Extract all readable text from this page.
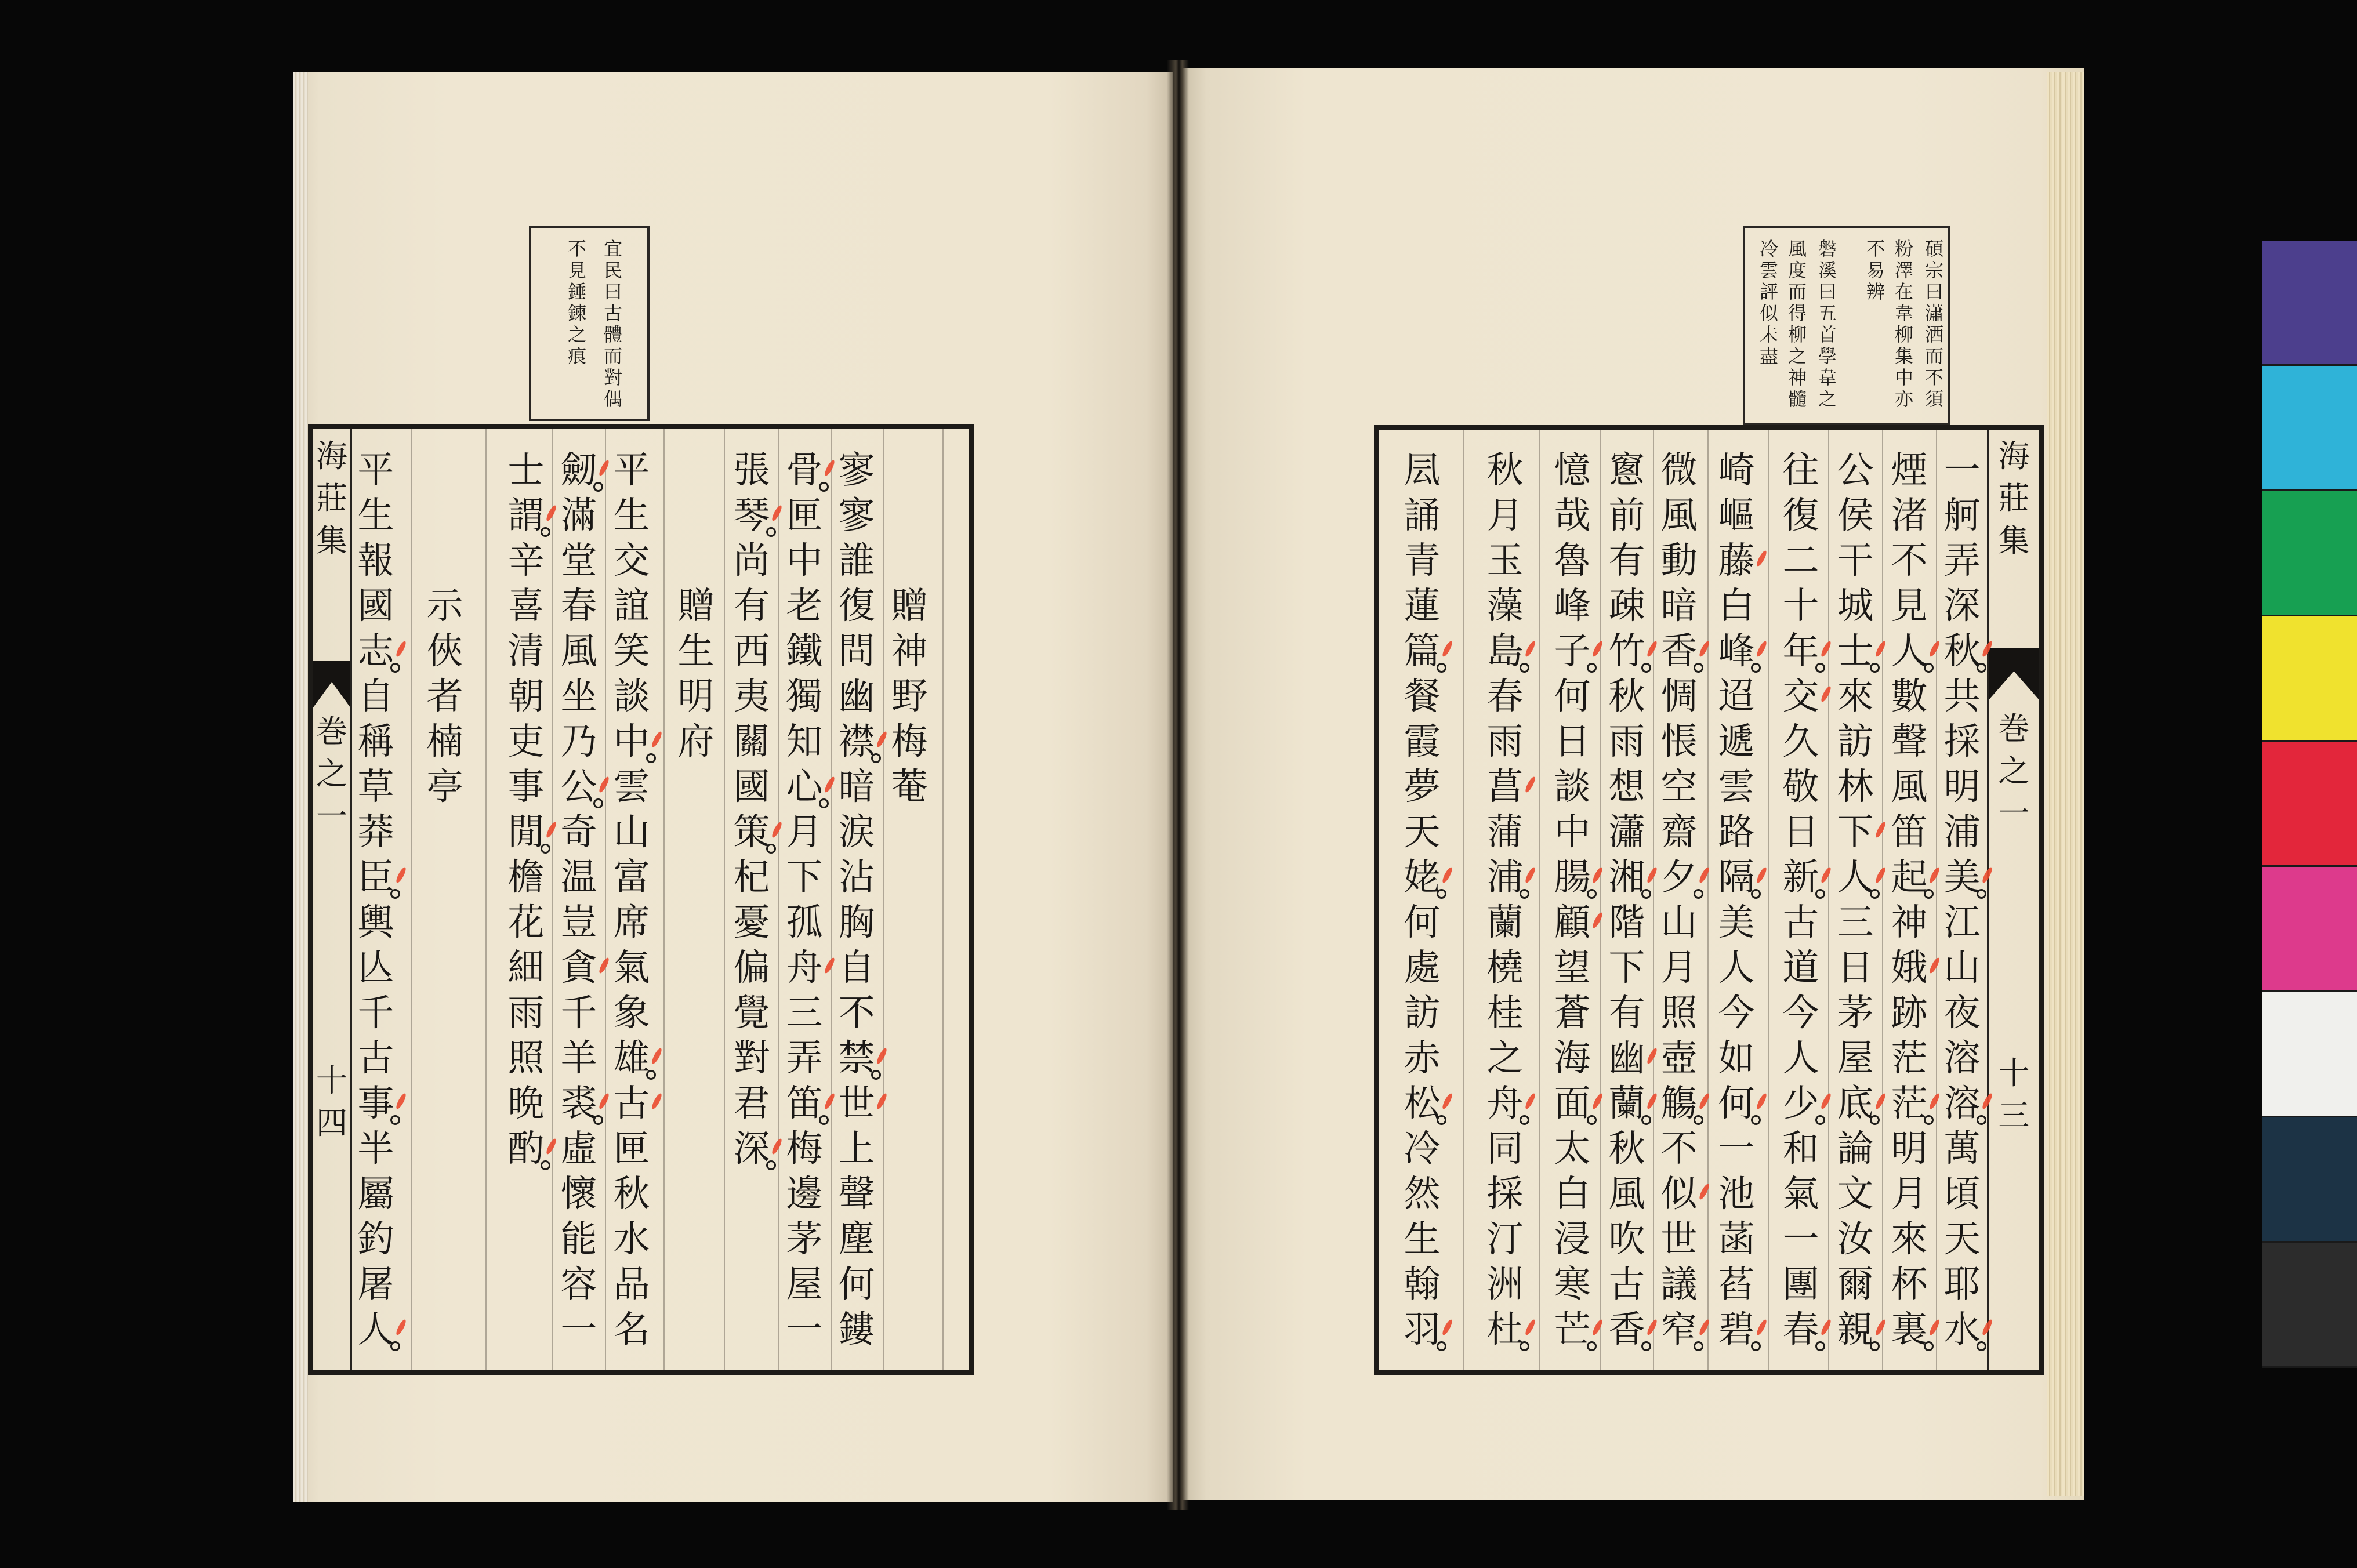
宜
民
曰
古
體
而
對
偶
不
見
錘
鍊
之
痕
海
莊
集
巻
之
一
十
四
贈
神
野
梅
菴
寥
寥
誰
復
問
幽
襟
暗
涙
沾
胸
自
不
禁
世
上
聲
塵
何
鏤
骨
匣
中
老
鐵
獨
知
心
月
下
孤
舟
三
弄
笛
梅
邊
茅
屋
一
張
琴
尚
有
西
夷
關
國
策
杞
憂
偏
覺
對
君
深
贈
生
明
府
平
生
交
誼
笑
談
中
雲
山
富
席
氣
象
雄
古
匣
秋
水
品
名
劒
滿
堂
春
風
坐
乃
公
奇
温
豈
貪
千
羊
裘
虛
懷
能
容
一
士
謂
辛
喜
清
朝
吏
事
閒
檐
花
細
雨
照
晩
酌
示
俠
者
楠
亭
平
生
報
國
志
自
稱
草
莽
臣
輿
亾
千
古
事
半
屬
釣
屠
人
碩
宗
曰
瀟
洒
而
不
須
粉
澤
在
韋
柳
集
中
亦
不
易
辨
磐
溪
曰
五
首
學
韋
之
風
度
而
得
柳
之
神
髓
冷
雲
評
似
未
盡
海
莊
集
巻
之
一
十
三
一
舸
弄
深
秋
共
採
明
浦
美
江
山
夜
溶
溶
萬
頃
天
耶
水
煙
渚
不
見
人
數
聲
風
笛
起
神
娥
跡
茫
茫
明
月
來
杯
裏
公
侯
干
城
士
來
訪
林
下
人
三
日
茅
屋
底
論
文
汝
爾
親
往
復
二
十
年
交
久
敬
日
新
古
道
今
人
少
和
氣
一
團
春
崎
嶇
藤
白
峰
迢
遞
雲
路
隔
美
人
今
如
何
一
池
菡
萏
碧
微
風
動
暗
香
惆
悵
空
齋
夕
山
月
照
壺
觴
不
似
世
議
窄
窻
前
有
疎
竹
秋
雨
想
瀟
湘
階
下
有
幽
蘭
秋
風
吹
古
香
憶
哉
魯
峰
子
何
日
談
中
腸
顧
望
蒼
海
面
太
白
浸
寒
芒
秋
月
玉
藻
島
春
雨
菖
蒲
浦
蘭
橈
桂
之
舟
同
採
汀
洲
杜
凨
誦
青
蓮
篇
餐
霞
夢
天
姥
何
處
訪
赤
松
冷
然
生
翰
羽
